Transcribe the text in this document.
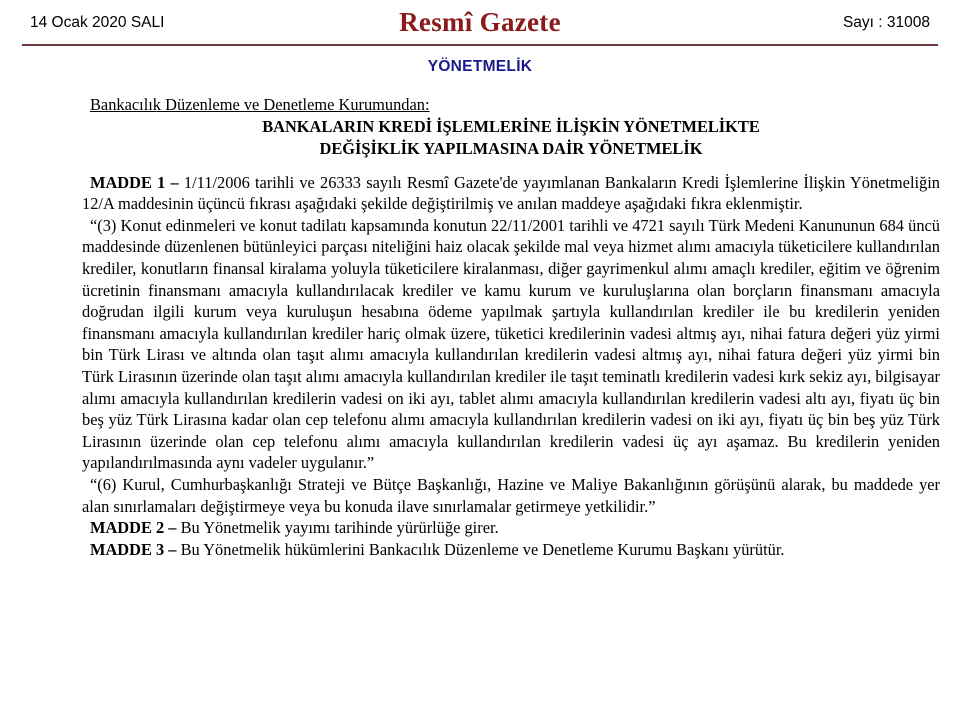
14 Ocak 2020 SALI	Resmî Gazete	Sayı : 31008
YÖNETMELİK

Bankacılık Düzenleme ve Denetleme Kurumundan:

BANKALARIN KREDİ İŞLEMLERİNE İLİŞKİN YÖNETMELİKTE
DEĞİŞİKLİK YAPILMASINA DAİR YÖNETMELİK

MADDE 1 – 1/11/2006 tarihli ve 26333 sayılı Resmî Gazete'de yayımlanan Bankaların Kredi İşlemlerine İlişkin Yönetmeliğin 12/A maddesinin üçüncü fıkrası aşağıdaki şekilde değiştirilmiş ve anılan maddeye aşağıdaki fıkra eklenmiştir.

“(3) Konut edinmeleri ve konut tadilatı kapsamında konutun 22/11/2001 tarihli ve 4721 sayılı Türk Medeni Kanununun 684 üncü maddesinde düzenlenen bütünleyici parçası niteliğini haiz olacak şekilde mal veya hizmet alımı amacıyla tüketicilere kullandırılan krediler, konutların finansal kiralama yoluyla tüketicilere kiralanması, diğer gayrimenkul alımı amaçlı krediler, eğitim ve öğrenim ücretinin finansmanı amacıyla kullandırılacak krediler ve kamu kurum ve kuruluşlarına olan borçların finansmanı amacıyla doğrudan ilgili kurum veya kuruluşun hesabına ödeme yapılmak şartıyla kullandırılan krediler ile bu kredilerin yeniden finansmanı amacıyla kullandırılan krediler hariç olmak üzere, tüketici kredilerinin vadesi altmış ayı, nihai fatura değeri yüz yirmi bin Türk Lirası ve altında olan taşıt alımı amacıyla kullandırılan kredilerin vadesi altmış ayı, nihai fatura değeri yüz yirmi bin Türk Lirasının üzerinde olan taşıt alımı amacıyla kullandırılan krediler ile taşıt teminatlı kredilerin vadesi kırk sekiz ayı, bilgisayar alımı amacıyla kullandırılan kredilerin vadesi on iki ayı, tablet alımı amacıyla kullandırılan kredilerin vadesi altı ayı, fiyatı üç bin beş yüz Türk Lirasına kadar olan cep telefonu alımı amacıyla kullandırılan kredilerin vadesi on iki ayı, fiyatı üç bin beş yüz Türk Lirasının üzerinde olan cep telefonu alımı amacıyla kullandırılan kredilerin vadesi üç ayı aşamaz. Bu kredilerin yeniden yapılandırılmasında aynı vadeler uygulanır.”

“(6) Kurul, Cumhurbaşkanlığı Strateji ve Bütçe Başkanlığı, Hazine ve Maliye Bakanlığının görüşünü alarak, bu maddede yer alan sınırlamaları değiştirmeye veya bu konuda ilave sınırlamalar getirmeye yetkilidir.”

MADDE 2 – Bu Yönetmelik yayımı tarihinde yürürlüğe girer.

MADDE 3 – Bu Yönetmelik hükümlerini Bankacılık Düzenleme ve Denetleme Kurumu Başkanı yürütür.
